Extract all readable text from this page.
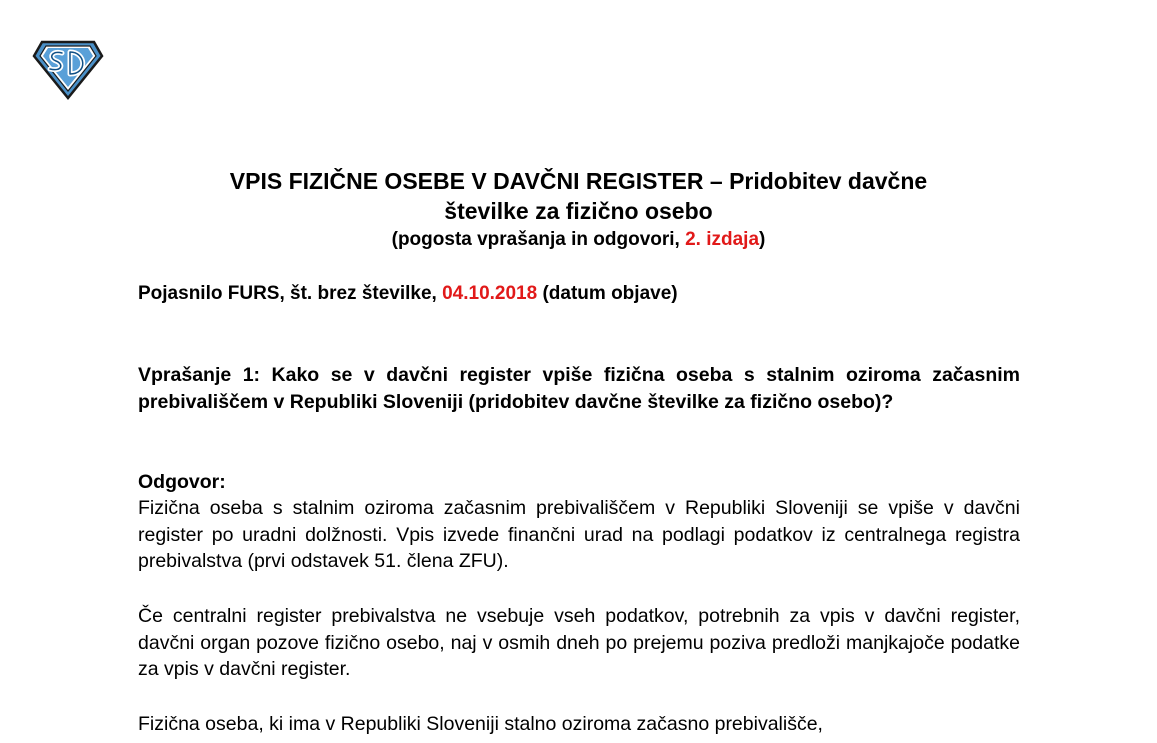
VPIS FIZIČNE OSEBE V DAVČNI REGISTER – Pridobitev davčne
številke za fizično osebo
(pogosta vprašanja in odgovori, 2. izdaja)
Pojasnilo FURS, št. brez številke, 04.10.2018 (datum objave)

Vprašanje 1: Kako se v davčni register vpiše fizična oseba s stalnim oziroma začasnim prebivališčem v Republiki Sloveniji (pridobitev davčne številke za fizično osebo)?

Odgovor:

Fizična oseba s stalnim oziroma začasnim prebivališčem v Republiki Sloveniji se vpiše v davčni register po uradni dolžnosti. Vpis izvede finančni urad na podlagi podatkov iz centralnega registra prebivalstva (prvi odstavek 51. člena ZFU).

Če centralni register prebivalstva ne vsebuje vseh podatkov, potrebnih za vpis v davčni register, davčni organ pozove fizično osebo, naj v osmih dneh po prejemu poziva predloži manjkajoče podatke za vpis v davčni register.

Fizična oseba, ki ima v Republiki Sloveniji stalno oziroma začasno prebivališče,
